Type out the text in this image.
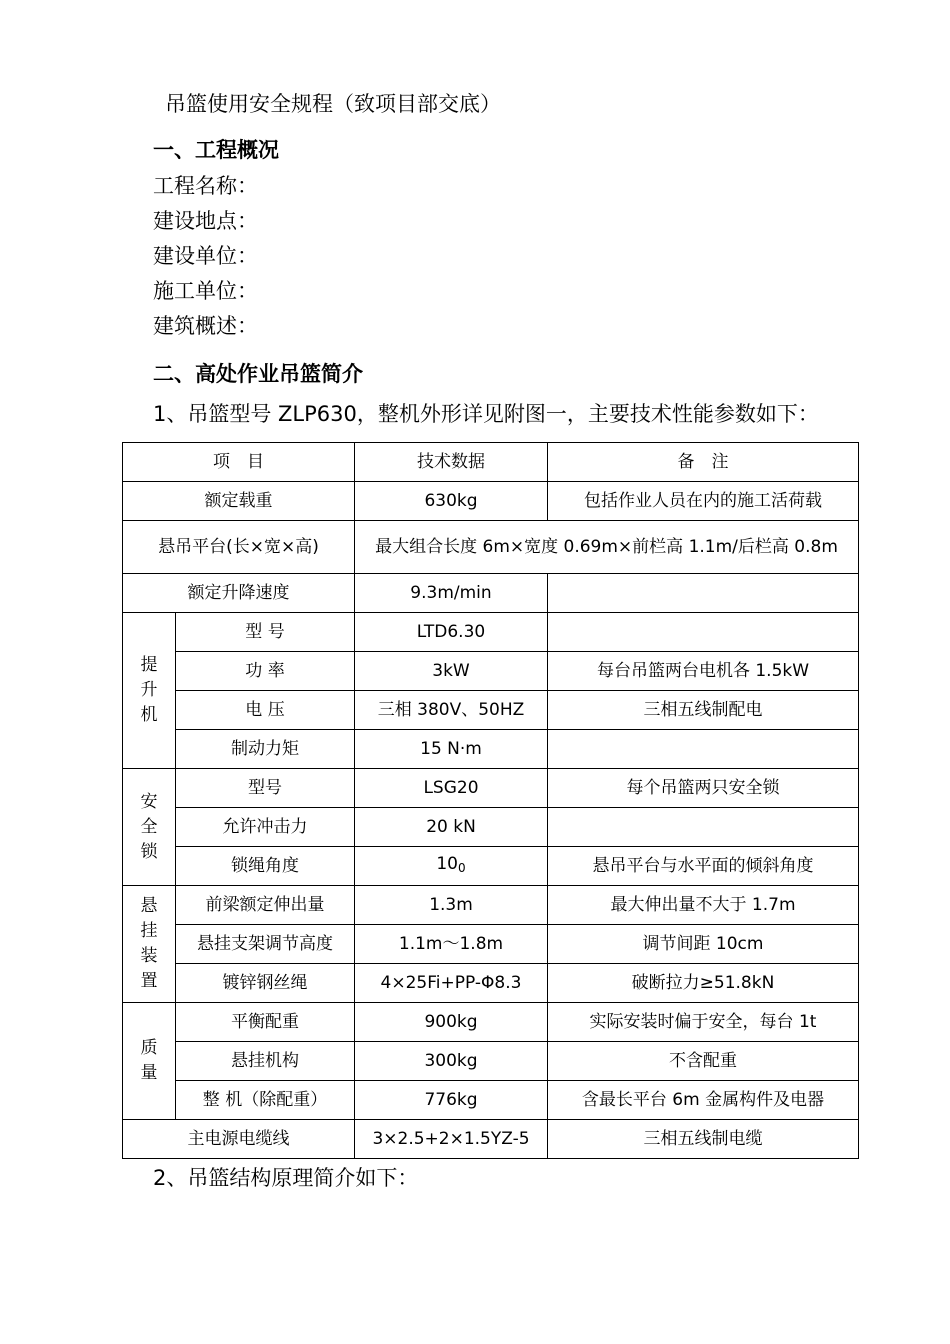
吊篮使用安全规程（致项目部交底）
一、工程概况
工程名称：
建设地点：
建设单位：
施工单位：
建筑概述：
二、高处作业吊篮简介
1、吊篮型号 ZLP630，整机外形详见附图一，主要技术性能参数如下：
项　目		技术数据	备　注
额定载重		630kg	包括作业人员在内的施工活荷载
悬吊平台(长×宽×高)		最大组合长度 6m×宽度 0.69m×前栏高 1.1m/后栏高 0.8m	
额定升降速度		9.3m/min	
提升机	型 号	LTD6.30	
	功 率	3kW	每台吊篮两台电机各 1.5kW
	电 压	三相 380V、50HZ	三相五线制配电
	制动力矩	15 N·m	
安全锁	型号	LSG20	每个吊篮两只安全锁
	允许冲击力	20 kN	
	锁绳角度	$10_0$	悬吊平台与水平面的倾斜角度
悬挂装置	前梁额定伸出量	1.3m	最大伸出量不大于 1.7m
	悬挂支架调节高度	1.1m～1.8m	调节间距 10cm
	镀锌钢丝绳	4×25Fi+PP-Φ8.3	破断拉力≥51.8kN
质量	平衡配重	900kg	实际安装时偏于安全，每台 1t
	悬挂机构	300kg	不含配重
	整 机（除配重）	776kg	含最长平台 6m 金属构件及电器
主电源电缆线		3×2.5+2×1.5YZ-5	三相五线制电缆
2、吊篮结构原理简介如下：
